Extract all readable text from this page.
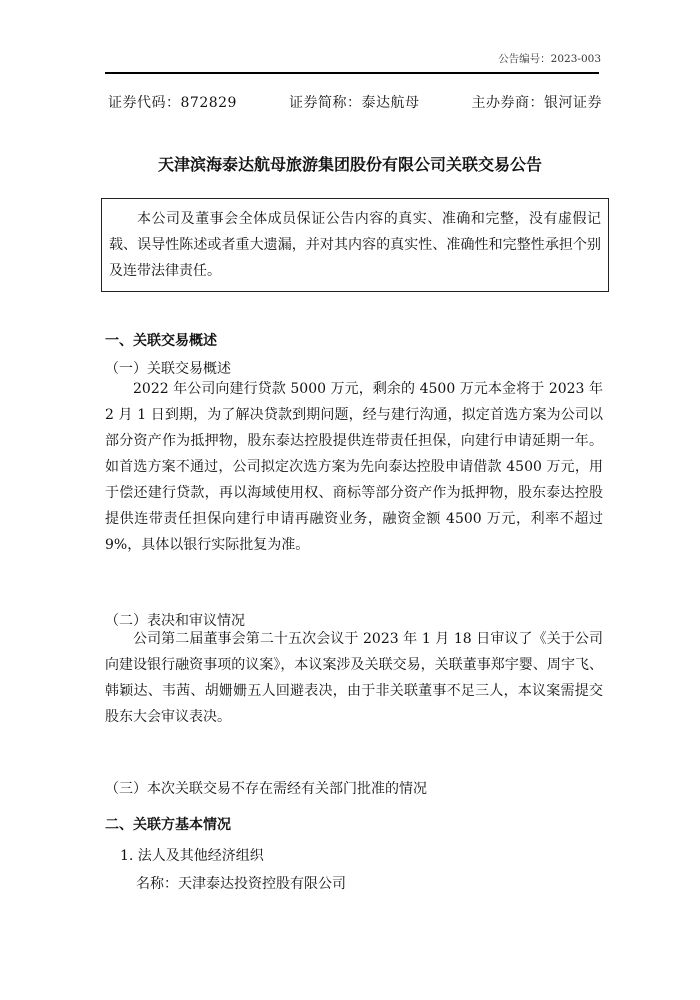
公告编号：2023-003
证券代码：872829	证券简称：泰达航母	主办券商：银河证券
天津滨海泰达航母旅游集团股份有限公司关联交易公告
本公司及董事会全体成员保证公告内容的真实、准确和完整，没有虚假记载、误导性陈述或者重大遗漏，并对其内容的真实性、准确性和完整性承担个别及连带法律责任。
一、关联交易概述
（一）关联交易概述

2022 年公司向建行贷款 5000 万元，剩余的 4500 万元本金将于 2023 年 2 月 1 日到期，为了解决贷款到期问题，经与建行沟通，拟定首选方案为公司以部分资产作为抵押物，股东泰达控股提供连带责任担保，向建行申请延期一年。如首选方案不通过，公司拟定次选方案为先向泰达控股申请借款 4500 万元，用于偿还建行贷款，再以海域使用权、商标等部分资产作为抵押物，股东泰达控股提供连带责任担保向建行申请再融资业务，融资金额 4500 万元，利率不超过 9%，具体以银行实际批复为准。

（二）表决和审议情况

公司第二届董事会第二十五次会议于 2023 年 1 月 18 日审议了《关于公司向建设银行融资事项的议案》，本议案涉及关联交易，关联董事郑宇婴、周宇飞、韩颖达、韦茜、胡姗姗五人回避表决，由于非关联董事不足三人，本议案需提交股东大会审议表决。

（三）本次关联交易不存在需经有关部门批准的情况
二、关联方基本情况
1. 法人及其他经济组织
名称：天津泰达投资控股有限公司
